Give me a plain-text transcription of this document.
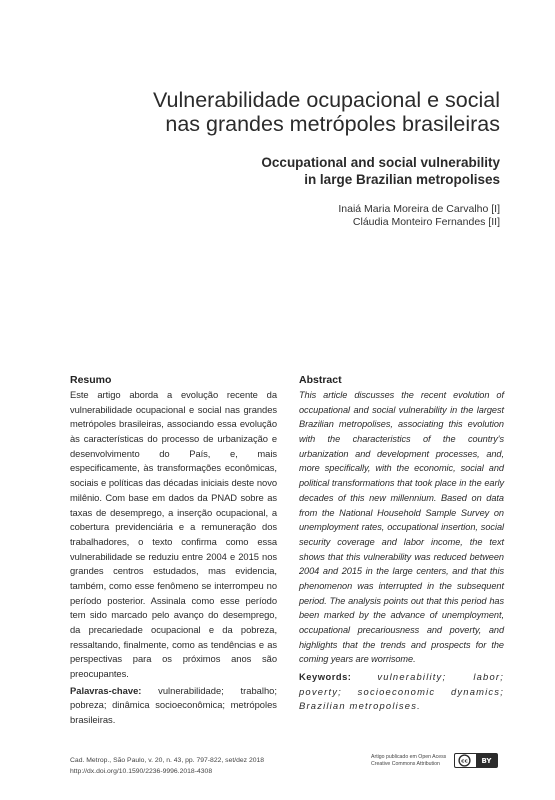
Vulnerabilidade ocupacional e social
nas grandes metrópoles brasileiras
Occupational and social vulnerability
in large Brazilian metropolises
Inaiá Maria Moreira de Carvalho [I]
Cláudia Monteiro Fernandes [II]
Resumo

Este artigo aborda a evolução recente da vulnerabilidade ocupacional e social nas grandes metrópoles brasileiras, associando essa evolução às características do processo de urbanização e desenvolvimento do País, e, mais especificamente, às transformações econômicas, sociais e políticas das décadas iniciais deste novo milênio. Com base em dados da PNAD sobre as taxas de desemprego, a inserção ocupacional, a cobertura previdenciária e a remuneração dos trabalhadores, o texto confirma como essa vulnerabilidade se reduziu entre 2004 e 2015 nos grandes centros estudados, mas evidencia, também, como esse fenômeno se interrompeu no período posterior. Assinala como esse período tem sido marcado pelo avanço do desemprego, da precariedade ocupacional e da pobreza, ressaltando, finalmente, como as tendências e as perspectivas para os próximos anos são preocupantes.

Palavras-chave: vulnerabilidade; trabalho; pobreza; dinâmica socioeconômica; metrópoles brasileiras.
Abstract

This article discusses the recent evolution of occupational and social vulnerability in the largest Brazilian metropolises, associating this evolution with the characteristics of the country's urbanization and development processes, and, more specifically, with the economic, social and political transformations that took place in the early decades of this new millennium. Based on data from the National Household Sample Survey on unemployment rates, occupational insertion, social security coverage and labor income, the text shows that this vulnerability was reduced between 2004 and 2015 in the large centers, and that this phenomenon was interrupted in the subsequent period. The analysis points out that this period has been marked by the advance of unemployment, occupational precariousness and poverty, and highlights that the trends and prospects for the coming years are worrisome.

Keywords:	vulnerability; labor; poverty; socioeconomic dynamics; Brazilian metropolises.
Cad. Metrop., São Paulo, v. 20, n. 43, pp. 797-822, set/dez 2018
http://dx.doi.org/10.1590/2236-9996.2018-4308
Artigo publicado em Open Acess
Creative Commons Attribution	cc BY
